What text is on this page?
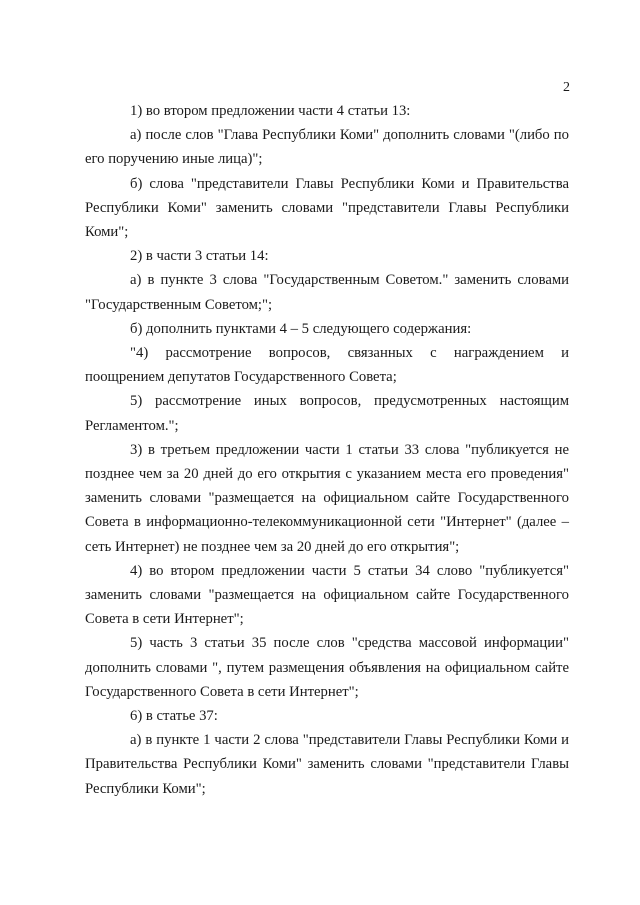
2

1) во втором предложении части 4 статьи 13:

а) после слов "Глава Республики Коми" дополнить словами "(либо по его поручению иные лица)";

б) слова "представители Главы Республики Коми и Правительства Республики Коми" заменить словами "представители Главы Республики Коми";

2) в части 3 статьи 14:

а) в пункте 3 слова "Государственным Советом." заменить словами "Государственным Советом;";

б) дополнить пунктами 4 – 5 следующего содержания:

"4) рассмотрение вопросов, связанных с награждением и поощрением депутатов Государственного Совета;

5) рассмотрение иных вопросов, предусмотренных настоящим Регламентом.";

3) в третьем предложении части 1 статьи 33 слова "публикуется не позднее чем за 20 дней до его открытия с указанием места его проведения" заменить словами "размещается на официальном сайте Государственного Совета в информационно-телекоммуникационной сети "Интернет" (далее – сеть Интернет) не позднее чем за 20 дней до его открытия";

4) во втором предложении части 5 статьи 34 слово "публикуется" заменить словами "размещается на официальном сайте Государственного Совета в сети Интернет";

5) часть 3 статьи 35 после слов "средства массовой информации" дополнить словами ", путем размещения объявления на официальном сайте Государственного Совета в сети Интернет";

6) в статье 37:

а) в пункте 1 части 2 слова "представители Главы Республики Коми и Правительства Республики Коми" заменить словами "представители Главы Республики Коми";
